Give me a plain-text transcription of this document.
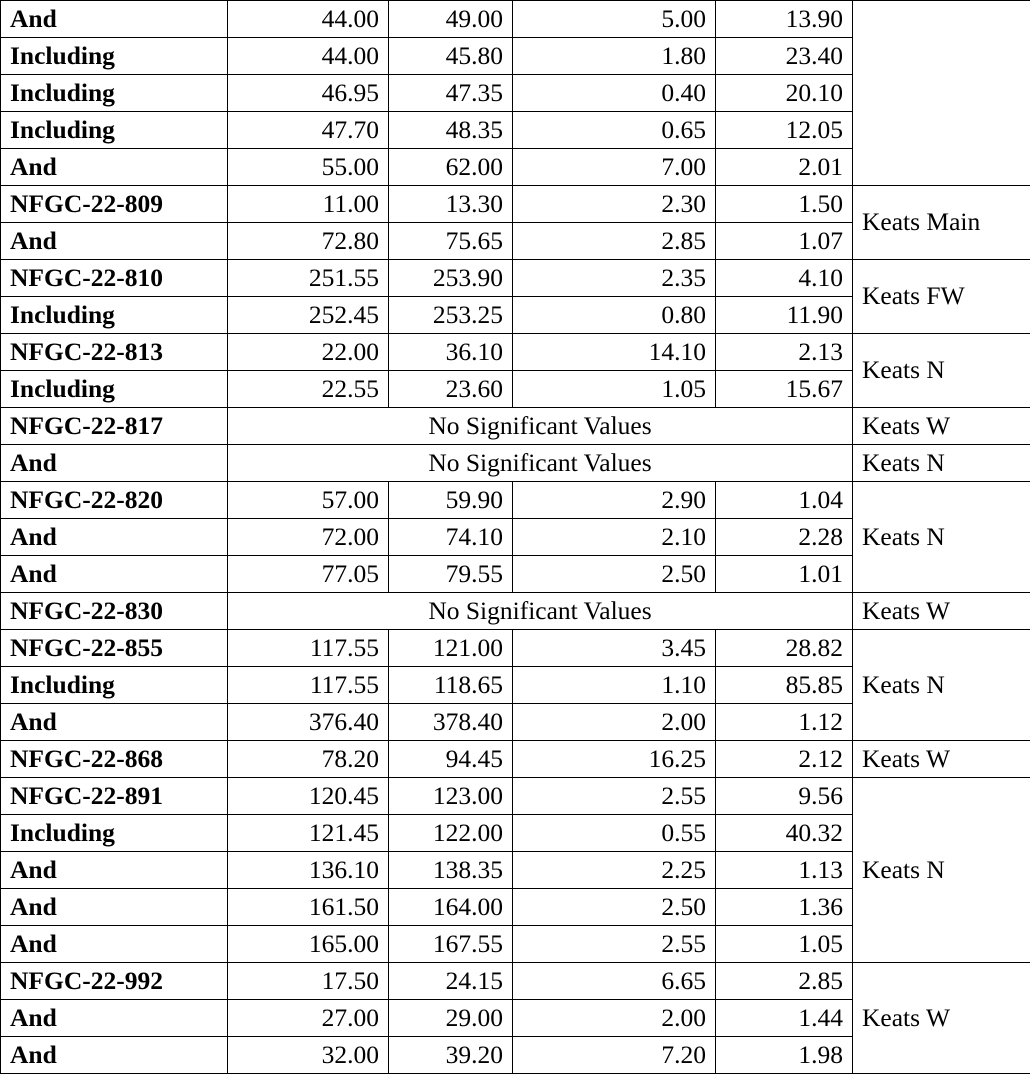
And	44.00	49.00	5.00	13.90	
Including	44.00	45.80	1.80	23.40	
Including	46.95	47.35	0.40	20.10	
Including	47.70	48.35	0.65	12.05	
And	55.00	62.00	7.00	2.01	
NFGC-22-809	11.00	13.30	2.30	1.50	Keats Main
And	72.80	75.65	2.85	1.07	
NFGC-22-810	251.55	253.90	2.35	4.10	Keats FW
Including	252.45	253.25	0.80	11.90	
NFGC-22-813	22.00	36.10	14.10	2.13	Keats N
Including	22.55	23.60	1.05	15.67	
NFGC-22-817	No Significant Values				Keats W
And	No Significant Values				Keats N
NFGC-22-820	57.00	59.90	2.90	1.04	Keats N
And	72.00	74.10	2.10	2.28	
And	77.05	79.55	2.50	1.01	
NFGC-22-830	No Significant Values				Keats W
NFGC-22-855	117.55	121.00	3.45	28.82	Keats N
Including	117.55	118.65	1.10	85.85	
And	376.40	378.40	2.00	1.12	
NFGC-22-868	78.20	94.45	16.25	2.12	Keats W
NFGC-22-891	120.45	123.00	2.55	9.56	Keats N
Including	121.45	122.00	0.55	40.32	
And	136.10	138.35	2.25	1.13	
And	161.50	164.00	2.50	1.36	
And	165.00	167.55	2.55	1.05	
NFGC-22-992	17.50	24.15	6.65	2.85	Keats W
And	27.00	29.00	2.00	1.44	
And	32.00	39.20	7.20	1.98	
